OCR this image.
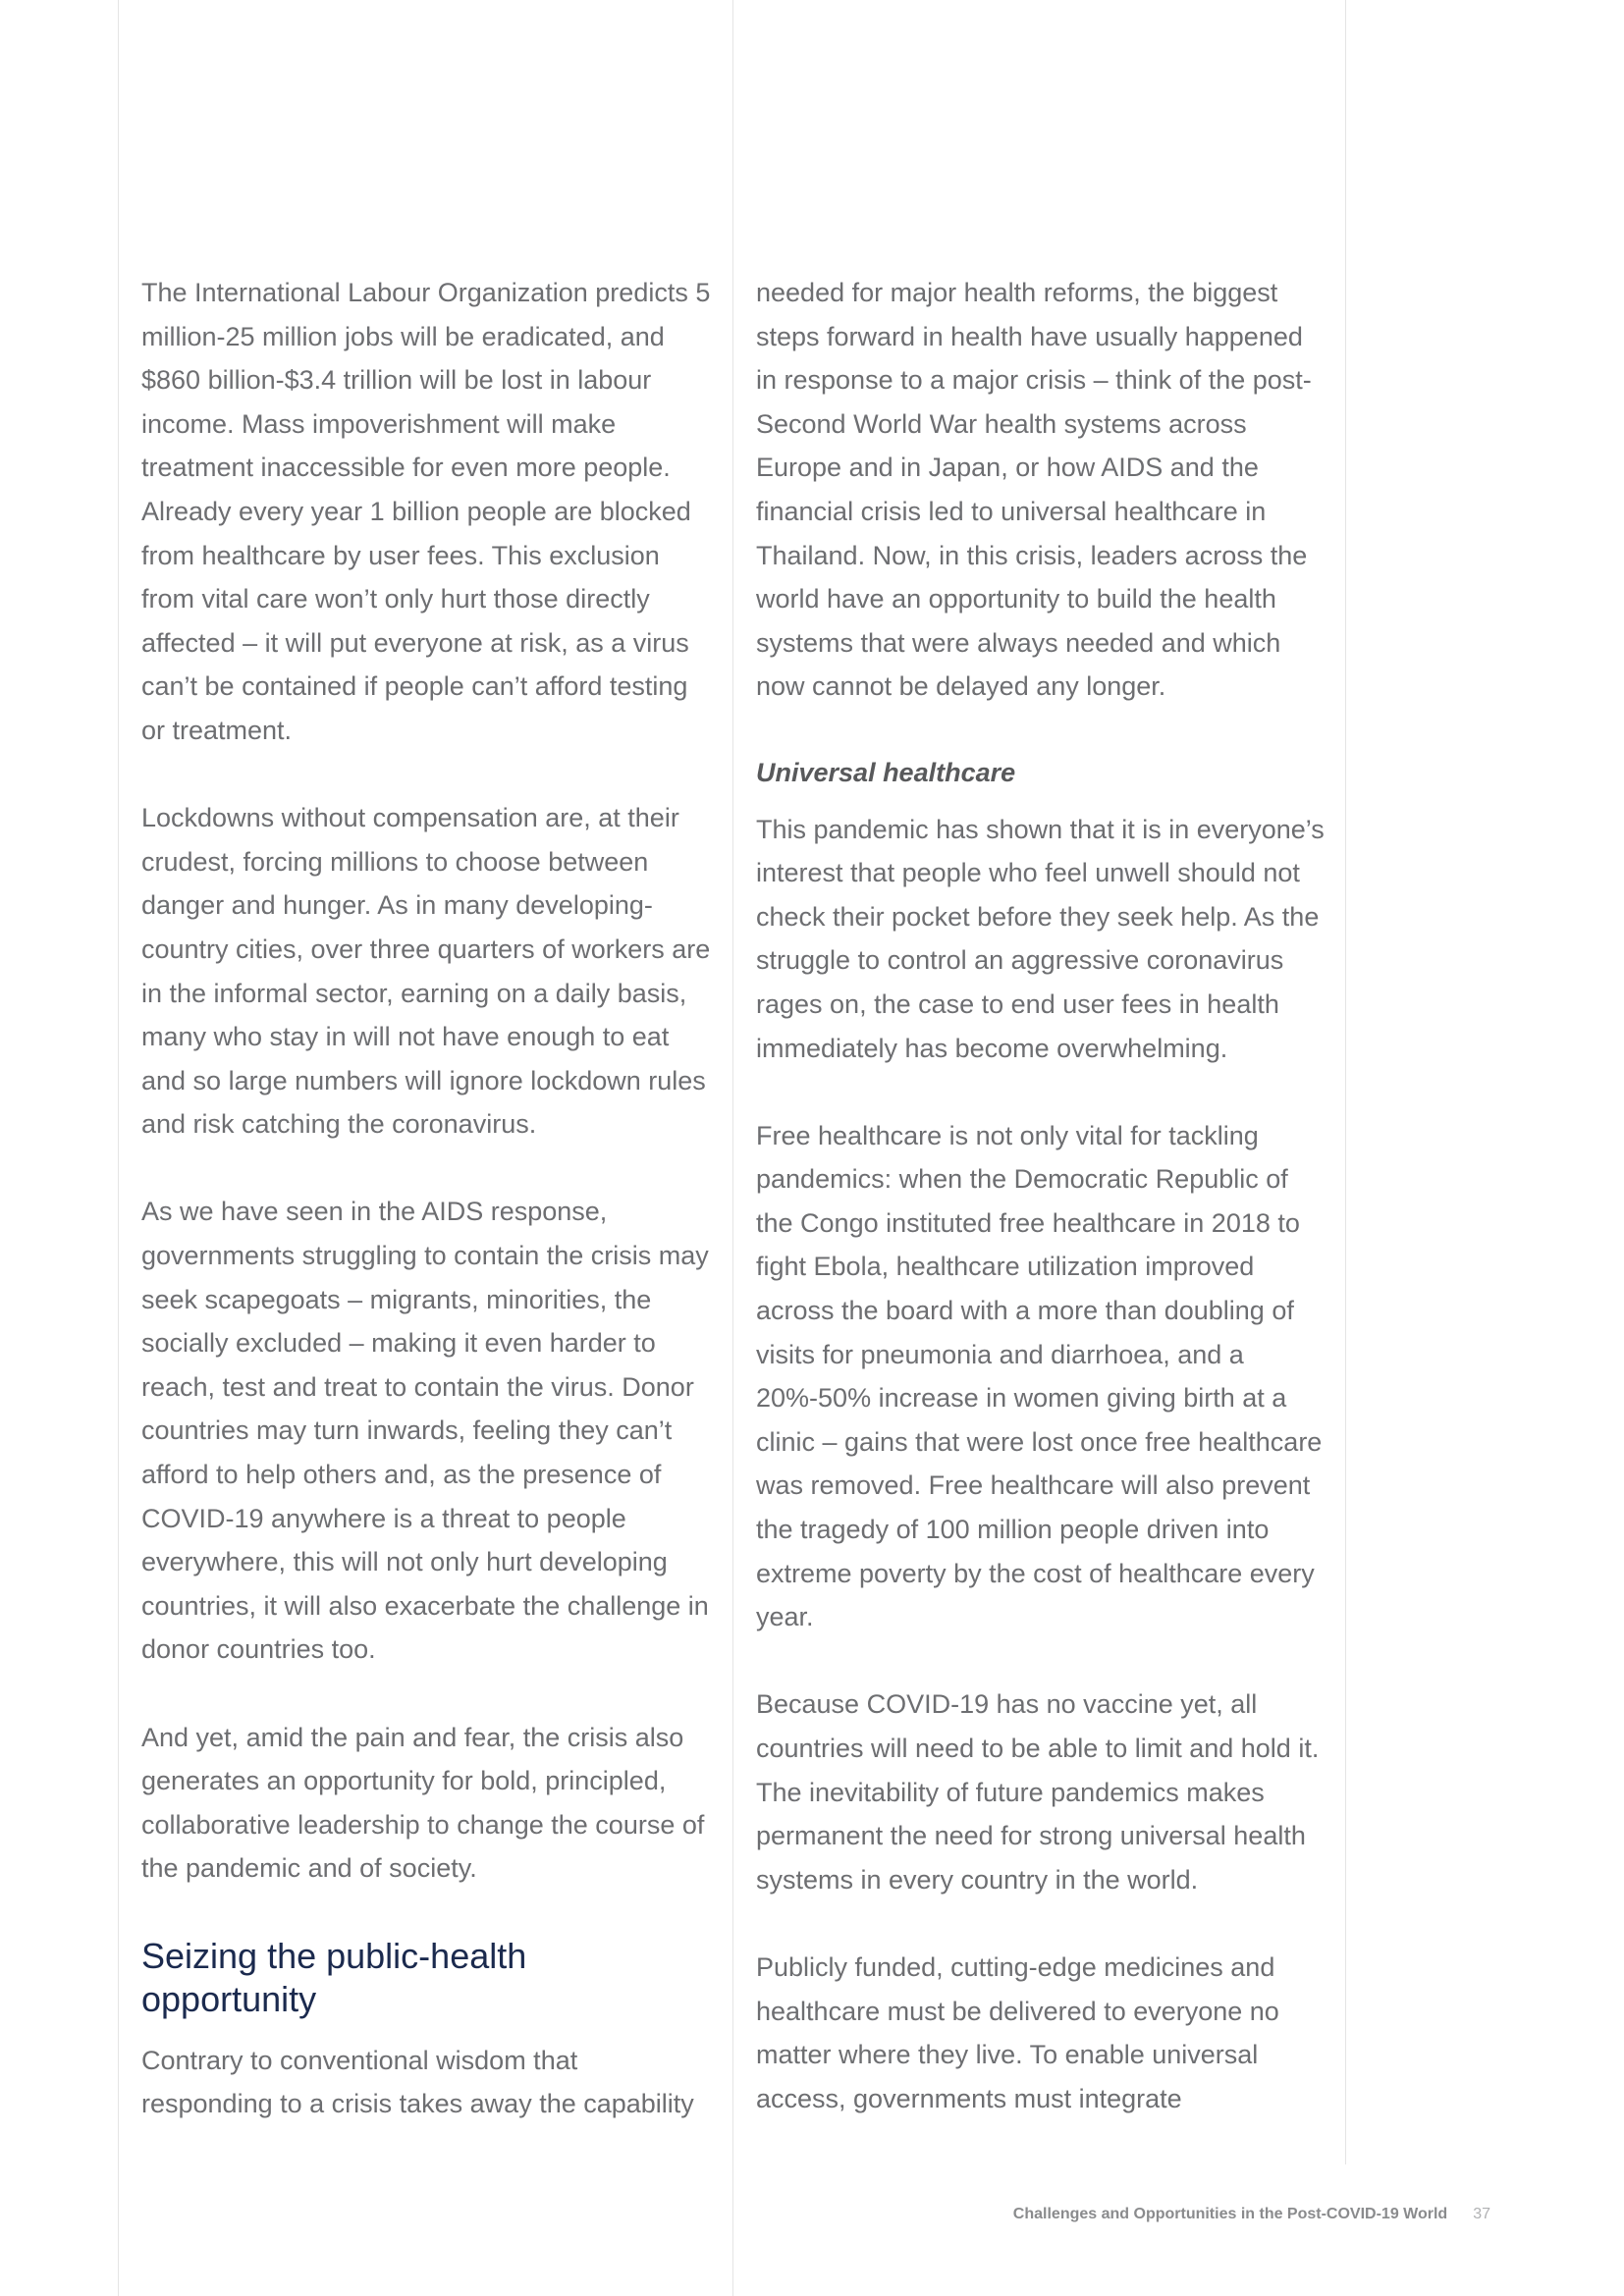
The International Labour Organization predicts 5 million-25 million jobs will be eradicated, and $860 billion-$3.4 trillion will be lost in labour income. Mass impoverishment will make treatment inaccessible for even more people. Already every year 1 billion people are blocked from healthcare by user fees. This exclusion from vital care won’t only hurt those directly affected – it will put everyone at risk, as a virus can’t be contained if people can’t afford testing or treatment.

Lockdowns without compensation are, at their crudest, forcing millions to choose between danger and hunger. As in many developing-country cities, over three quarters of workers are in the informal sector, earning on a daily basis, many who stay in will not have enough to eat and so large numbers will ignore lockdown rules and risk catching the coronavirus.

As we have seen in the AIDS response, governments struggling to contain the crisis may seek scapegoats – migrants, minorities, the socially excluded – making it even harder to reach, test and treat to contain the virus. Donor countries may turn inwards, feeling they can’t afford to help others and, as the presence of COVID-19 anywhere is a threat to people everywhere, this will not only hurt developing countries, it will also exacerbate the challenge in donor countries too.

And yet, amid the pain and fear, the crisis also generates an opportunity for bold, principled, collaborative leadership to change the course of the pandemic and of society.

Seizing the public-health opportunity

Contrary to conventional wisdom that responding to a crisis takes away the capability

needed for major health reforms, the biggest steps forward in health have usually happened in response to a major crisis – think of the post-Second World War health systems across Europe and in Japan, or how AIDS and the financial crisis led to universal healthcare in Thailand. Now, in this crisis, leaders across the world have an opportunity to build the health systems that were always needed and which now cannot be delayed any longer.

Universal healthcare

This pandemic has shown that it is in everyone’s interest that people who feel unwell should not check their pocket before they seek help. As the struggle to control an aggressive coronavirus rages on, the case to end user fees in health immediately has become overwhelming.

Free healthcare is not only vital for tackling pandemics: when the Democratic Republic of the Congo instituted free healthcare in 2018 to fight Ebola, healthcare utilization improved across the board with a more than doubling of visits for pneumonia and diarrhoea, and a 20%-50% increase in women giving birth at a clinic – gains that were lost once free healthcare was removed. Free healthcare will also prevent the tragedy of 100 million people driven into extreme poverty by the cost of healthcare every year.

Because COVID-19 has no vaccine yet, all countries will need to be able to limit and hold it. The inevitability of future pandemics makes permanent the need for strong universal health systems in every country in the world.

Publicly funded, cutting-edge medicines and healthcare must be delivered to everyone no matter where they live. To enable universal access, governments must integrate

Challenges and Opportunities in the Post-COVID-19 World 37
